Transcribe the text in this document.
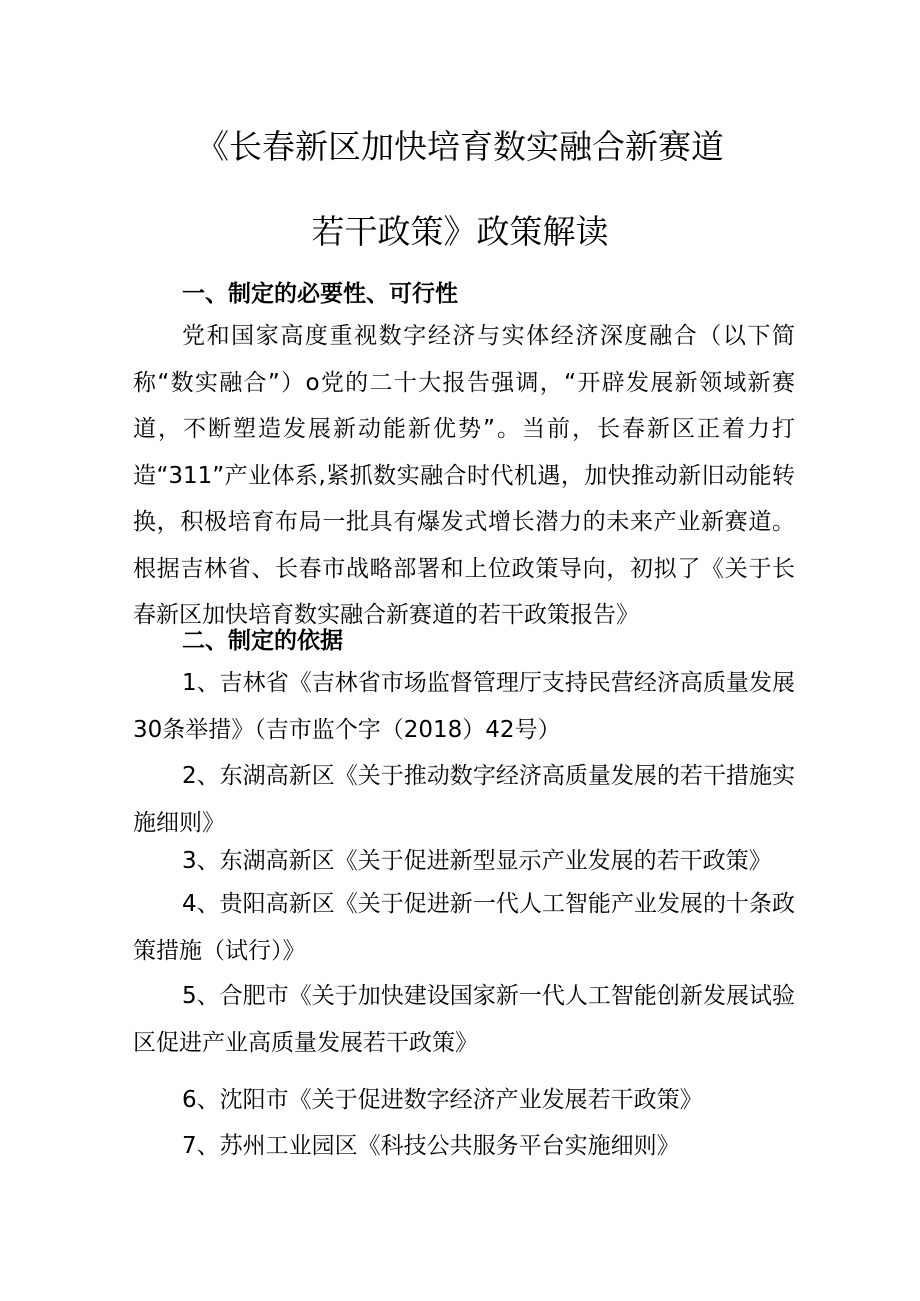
《长春新区加快培育数实融合新赛道
若干政策》政策解读
一、制定的必要性、可行性

党和国家高度重视数字经济与实体经济深度融合（以下简称“数实融合”）o党的二十大报告强调，“开辟发展新领域新赛道，不断塑造发展新动能新优势”。当前，长春新区正着力打造“311”产业体系,紧抓数实融合时代机遇，加快推动新旧动能转换，积极培育布局一批具有爆发式增长潜力的未来产业新赛道。根据吉林省、长春市战略部署和上位政策导向，初拟了《关于长春新区加快培育数实融合新赛道的若干政策报告》

二、制定的依据

1、吉林省《吉林省市场监督管理厅支持民营经济高质量发展30条举措》（吉市监个字（2018）42号）

2、东湖高新区《关于推动数字经济高质量发展的若干措施实施细则》

3、东湖高新区《关于促进新型显示产业发展的若干政策》

4、贵阳高新区《关于促进新一代人工智能产业发展的十条政策措施（试行）》

5、合肥市《关于加快建设国家新一代人工智能创新发展试验区促进产业高质量发展若干政策》

6、沈阳市《关于促进数字经济产业发展若干政策》

7、苏州工业园区《科技公共服务平台实施细则》
